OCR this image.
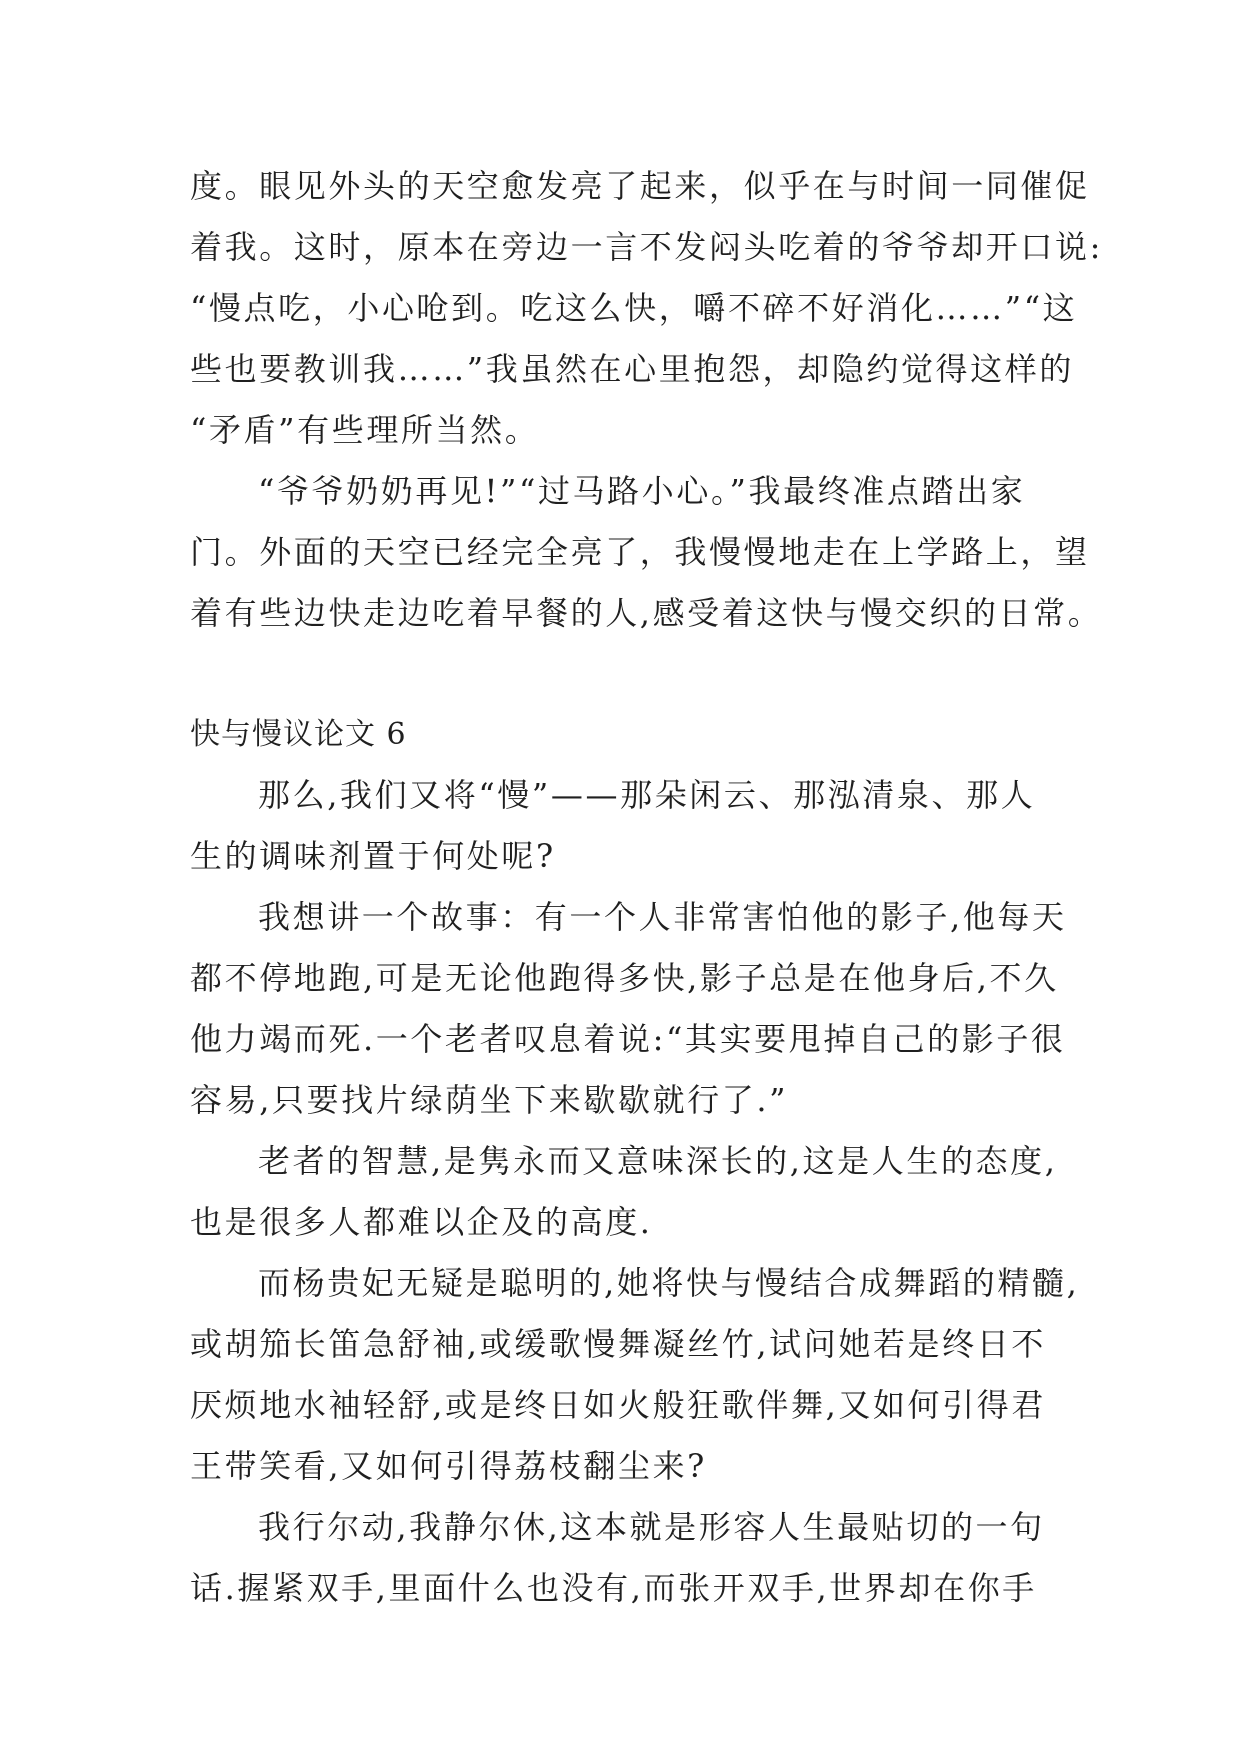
度。眼见外头的天空愈发亮了起来，似乎在与时间一同催促
着我。这时，原本在旁边一言不发闷头吃着的爷爷却开口说:
“慢点吃，小心呛到。吃这么快，嚼不碎不好消化……”“这
些也要教训我……”我虽然在心里抱怨，却隐约觉得这样的
“矛盾”有些理所当然。
“爷爷奶奶再见!”“过马路小心。”我最终准点踏出家
门。外面的天空已经完全亮了，我慢慢地走在上学路上，望
着有些边快走边吃着早餐的人,感受着这快与慢交织的日常。
快与慢议论文 6
那么,我们又将“慢”——那朵闲云、那泓清泉、那人
生的调味剂置于何处呢?
我想讲一个故事：有一个人非常害怕他的影子,他每天
都不停地跑,可是无论他跑得多快,影子总是在他身后,不久
他力竭而死.一个老者叹息着说:“其实要甩掉自己的影子很
容易,只要找片绿荫坐下来歇歇就行了.”
老者的智慧,是隽永而又意味深长的,这是人生的态度,
也是很多人都难以企及的高度.
而杨贵妃无疑是聪明的,她将快与慢结合成舞蹈的精髓,
或胡笳长笛急舒袖,或缓歌慢舞凝丝竹,试问她若是终日不
厌烦地水袖轻舒,或是终日如火般狂歌伴舞,又如何引得君
王带笑看,又如何引得荔枝翻尘来?
我行尔动,我静尔休,这本就是形容人生最贴切的一句
话.握紧双手,里面什么也没有,而张开双手,世界却在你手
